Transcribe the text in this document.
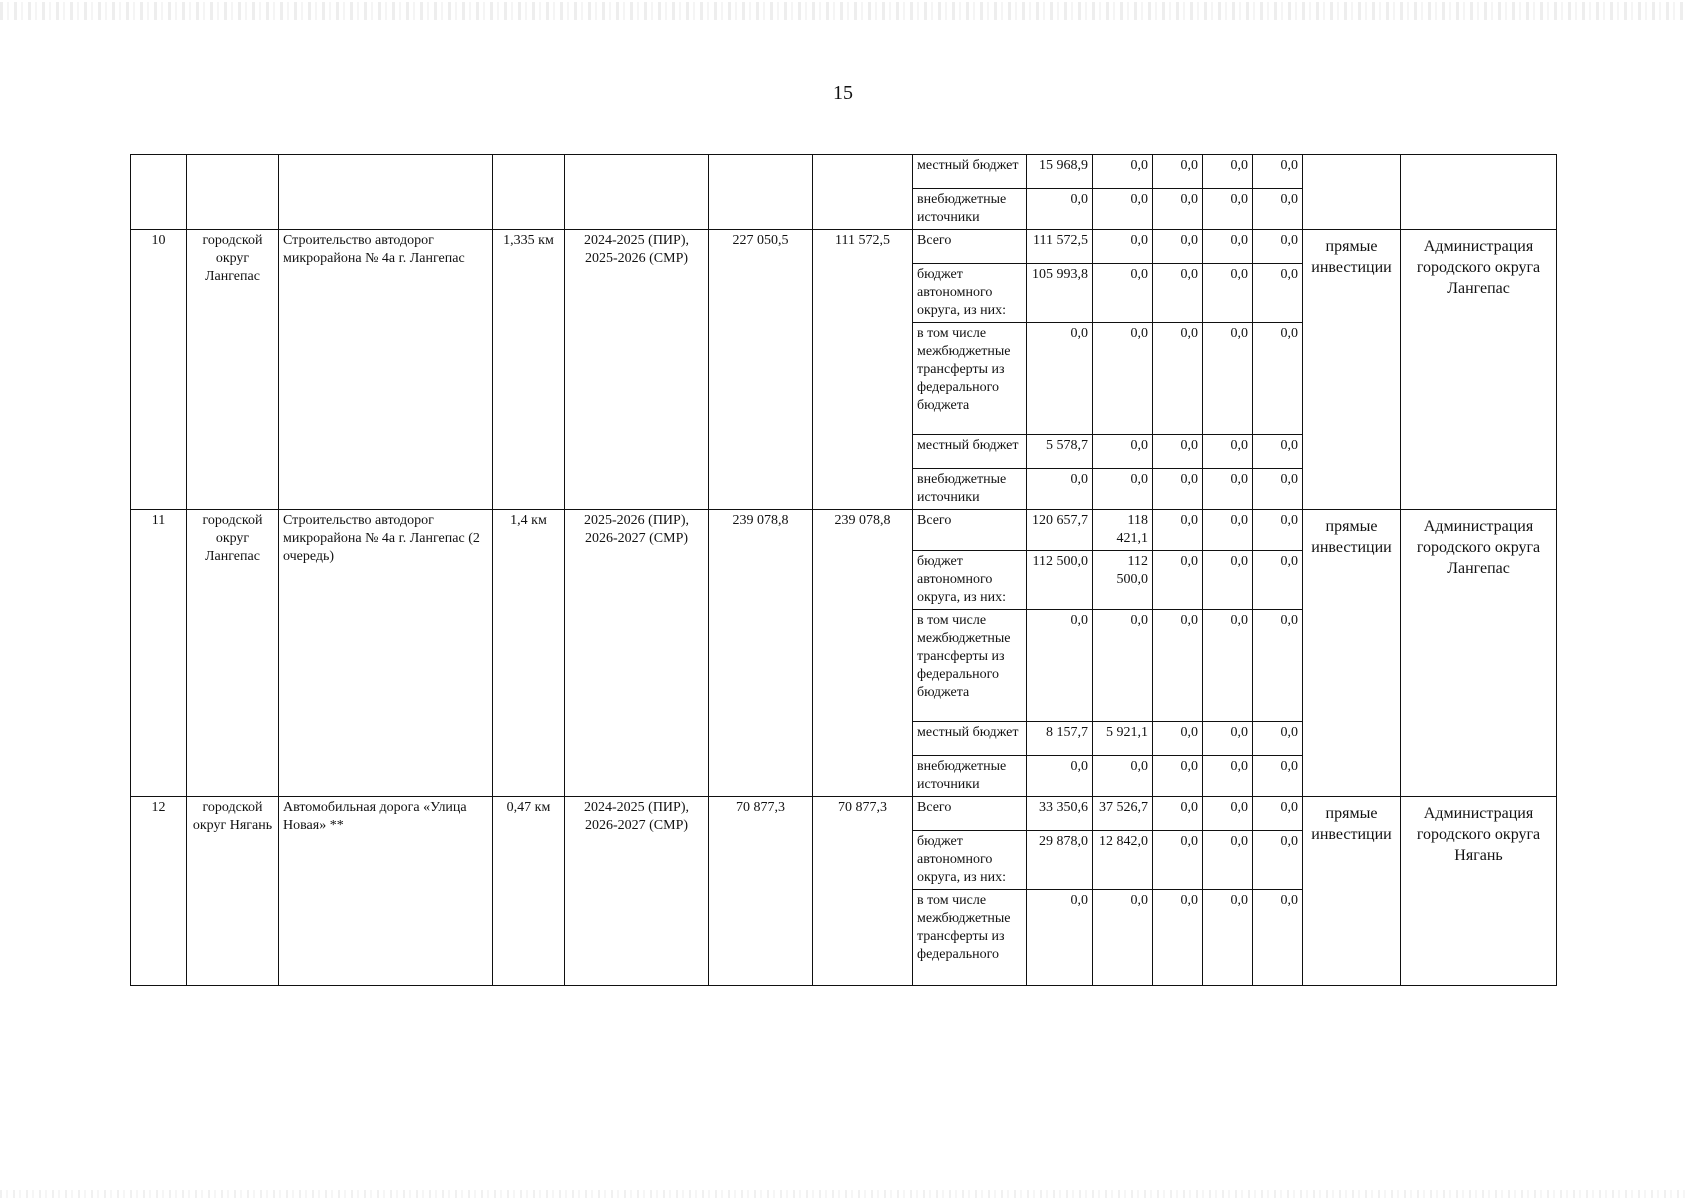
15
							местный бюджет	15 968,9	0,0	0,0	0,0	0,0		
							внебюджетные источники	0,0	0,0	0,0	0,0	0,0		
10	городской округ Лангепас	Строительство автодорог микрорайона № 4а г. Лангепас	1,335 км	2024-2025 (ПИР), 2025-2026 (СМР)	227 050,5	111 572,5	Всего	111 572,5	0,0	0,0	0,0	0,0	прямые инвестиции	Администрация городского округа Лангепас
							бюджет автономного округа, из них:	105 993,8	0,0	0,0	0,0	0,0		
							в том числе межбюджетные трансферты из федерального бюджета	0,0	0,0	0,0	0,0	0,0		
							местный бюджет	5 578,7	0,0	0,0	0,0	0,0		
							внебюджетные источники	0,0	0,0	0,0	0,0	0,0		
11	городской округ Лангепас	Строительство автодорог микрорайона № 4а г. Лангепас (2 очередь)	1,4 км	2025-2026 (ПИР), 2026-2027 (СМР)	239 078,8	239 078,8	Всего	120 657,7	118 421,1	0,0	0,0	0,0	прямые инвестиции	Администрация городского округа Лангепас
							бюджет автономного округа, из них:	112 500,0	112 500,0	0,0	0,0	0,0		
							в том числе межбюджетные трансферты из федерального бюджета	0,0	0,0	0,0	0,0	0,0		
							местный бюджет	8 157,7	5 921,1	0,0	0,0	0,0		
							внебюджетные источники	0,0	0,0	0,0	0,0	0,0		
12	городской округ Нягань	Автомобильная дорога «Улица Новая» **	0,47 км	2024-2025 (ПИР), 2026-2027 (СМР)	70 877,3	70 877,3	Всего	33 350,6	37 526,7	0,0	0,0	0,0	прямые инвестиции	Администрация городского округа Нягань
							бюджет автономного округа, из них:	29 878,0	12 842,0	0,0	0,0	0,0		
							в том числе межбюджетные трансферты из федерального	0,0	0,0	0,0	0,0	0,0		
